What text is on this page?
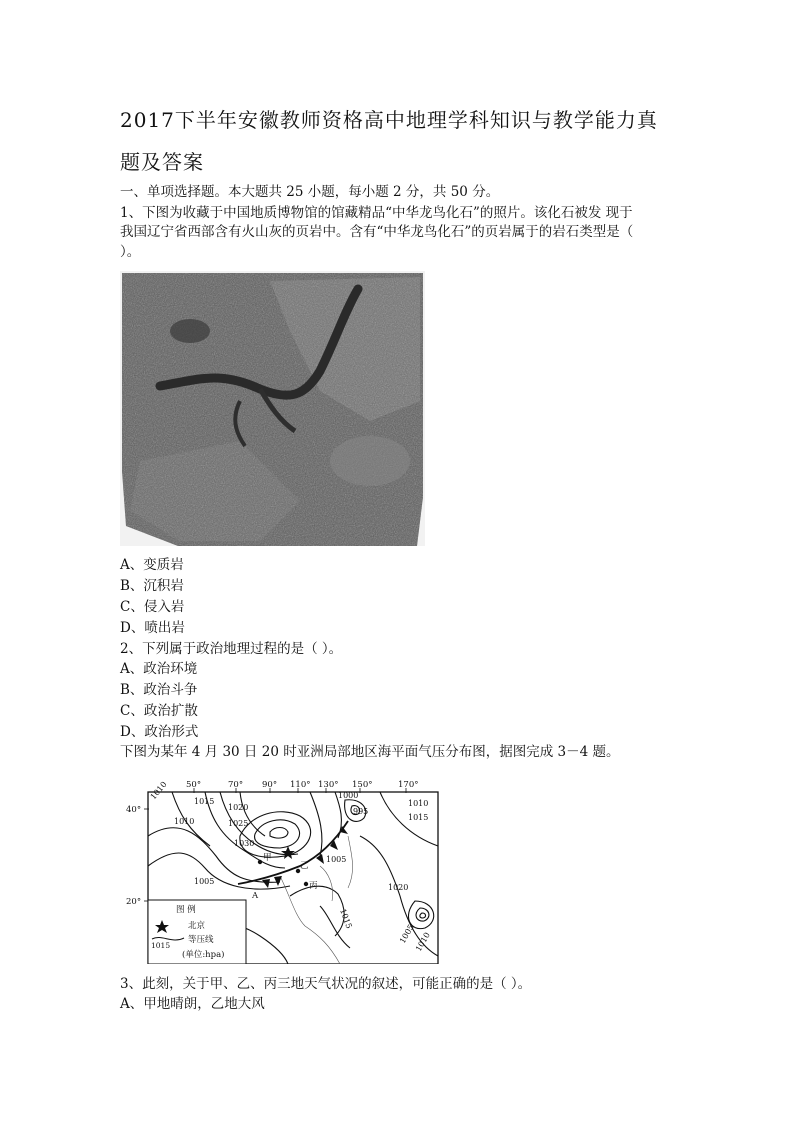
2017下半年安徽教师资格高中地理学科知识与教学能力真
题及答案
一、单项选择题。本大题共 25 小题，每小题 2 分，共 50 分。
1、下图为收藏于中国地质博物馆的馆藏精品“中华龙鸟化石”的照片。该化石被发 现于
我国辽宁省西部含有火山灰的页岩中。含有“中华龙鸟化石”的页岩属于的岩石类型是（
）。
A、变质岩
B、沉积岩
C、侵入岩
D、喷出岩
2、下列属于政治地理过程的是（ ）。
A、政治环境
B、政治斗争
C、政治扩散
D、政治形式
下图为某年 4 月 30 日 20 时亚洲局部地区海平面气压分布图，据图完成 3－4 题。
50°	70° 90° 110° 130° 150°	170°
40°
20°
甲
乙
丙
A
1010
1015
1020
1025
1030
1010
1005
1000
995
1010
1015
1005
1020
1015
1005
1010
图 例
北京
等压线
(单位:hpa)
1015
3、此刻，关于甲、乙、丙三地天气状况的叙述，可能正确的是（ ）。
A、甲地晴朗，乙地大风
